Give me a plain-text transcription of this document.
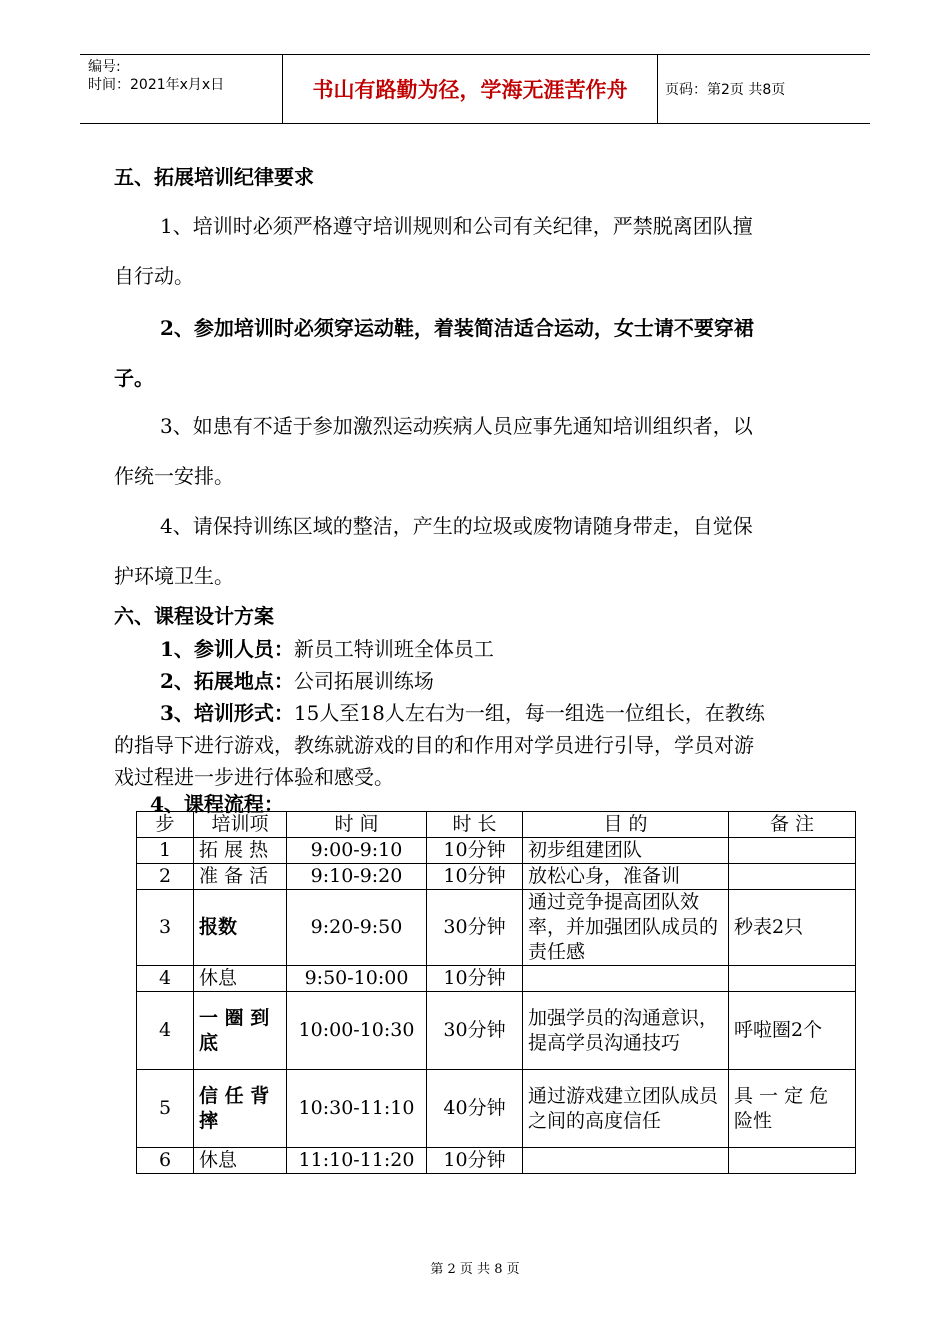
编号:
时间：2021年x月x日	书山有路勤为径，学海无涯苦作舟	页码：第2页 共8页
五、拓展培训纪律要求
1、培训时必须严格遵守培训规则和公司有关纪律，严禁脱离团队擅
自行动。
2、参加培训时必须穿运动鞋，着装简洁适合运动，女士请不要穿裙
子。
3、如患有不适于参加激烈运动疾病人员应事先通知培训组织者，以
作统一安排。
4、请保持训练区域的整洁，产生的垃圾或废物请随身带走，自觉保
护环境卫生。
六、课程设计方案
1、参训人员：新员工特训班全体员工
2、拓展地点：公司拓展训练场
3、培训形式：15人至18人左右为一组，每一组选一位组长，在教练
的指导下进行游戏，教练就游戏的目的和作用对学员进行引导，学员对游
戏过程进一步进行体验和感受。
4、课程流程：
步	培训项	时 间	时 长	目 的	备 注
1	拓 展 热	9:00-9:10	10分钟	初步组建团队	
2	准 备 活	9:10-9:20	10分钟	放松心身，准备训	
3	报数	9:20-9:50	30分钟	通过竞争提高团队效率，并加强团队成员的责任感	秒表2只
4	休息	9:50-10:00	10分钟		
4	一 圈 到 底	10:00-10:30	30分钟	加强学员的沟通意识，提高学员沟通技巧	呼啦圈2个
5	信 任 背 摔	10:30-11:10	40分钟	通过游戏建立团队成员
之间的高度信任	具 一 定 危 险性
6	休息	11:10-11:20	10分钟		
第 2 页 共 8 页
